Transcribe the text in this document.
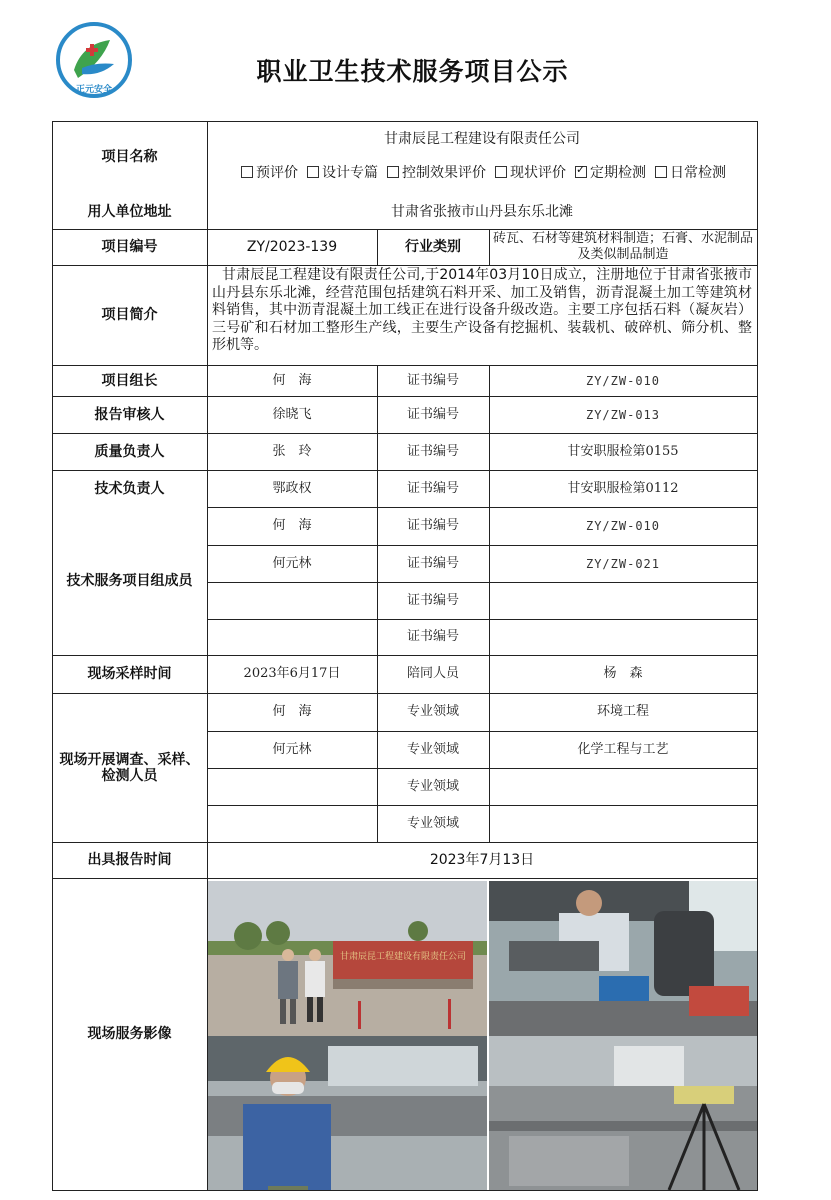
正元安全
职业卫生技术服务项目公示
项目名称
甘肃辰昆工程建设有限责任公司
预评价	设计专篇	控制效果评价	现状评价
✓	定期检测	日常检测
用人单位地址	甘肃省张掖市山丹县东乐北滩
项目编号	ZY/2023-139	行业类别
砖瓦、石材等建筑材料制造；石膏、水泥制品及类似制品制造
项目简介
甘肃辰昆工程建设有限责任公司,于2014年03月10日成立，注册地位于甘肃省张掖市山丹县东乐北滩，经营范围包括建筑石料开采、加工及销售，沥青混凝土加工等建筑材料销售，其中沥青混凝土加工线正在进行设备升级改造。主要工序包括石料（凝灰岩）三号矿和石材加工整形生产线，主要生产设备有挖掘机、装载机、破碎机、筛分机、整形机等。
项目组长	何　海	证书编号	ZY/ZW-010
报告审核人	徐晓飞	证书编号	ZY/ZW-013
质量负责人	张　玲	证书编号	甘安职服检第0155
技术负责人
技术服务项目组成员
鄂政权	证书编号	甘安职服检第0112
何　海	证书编号	ZY/ZW-010
何元林	证书编号	ZY/ZW-021
证书编号
证书编号
现场采样时间	2023年6月17日	陪同人员	杨　森
现场开展调查、采样、检测人员
何　海	专业领域	环境工程
何元林	专业领域	化学工程与工艺
专业领域
专业领域
出具报告时间	2023年7月13日
现场服务影像
甘肃辰昆工程建设有限责任公司
